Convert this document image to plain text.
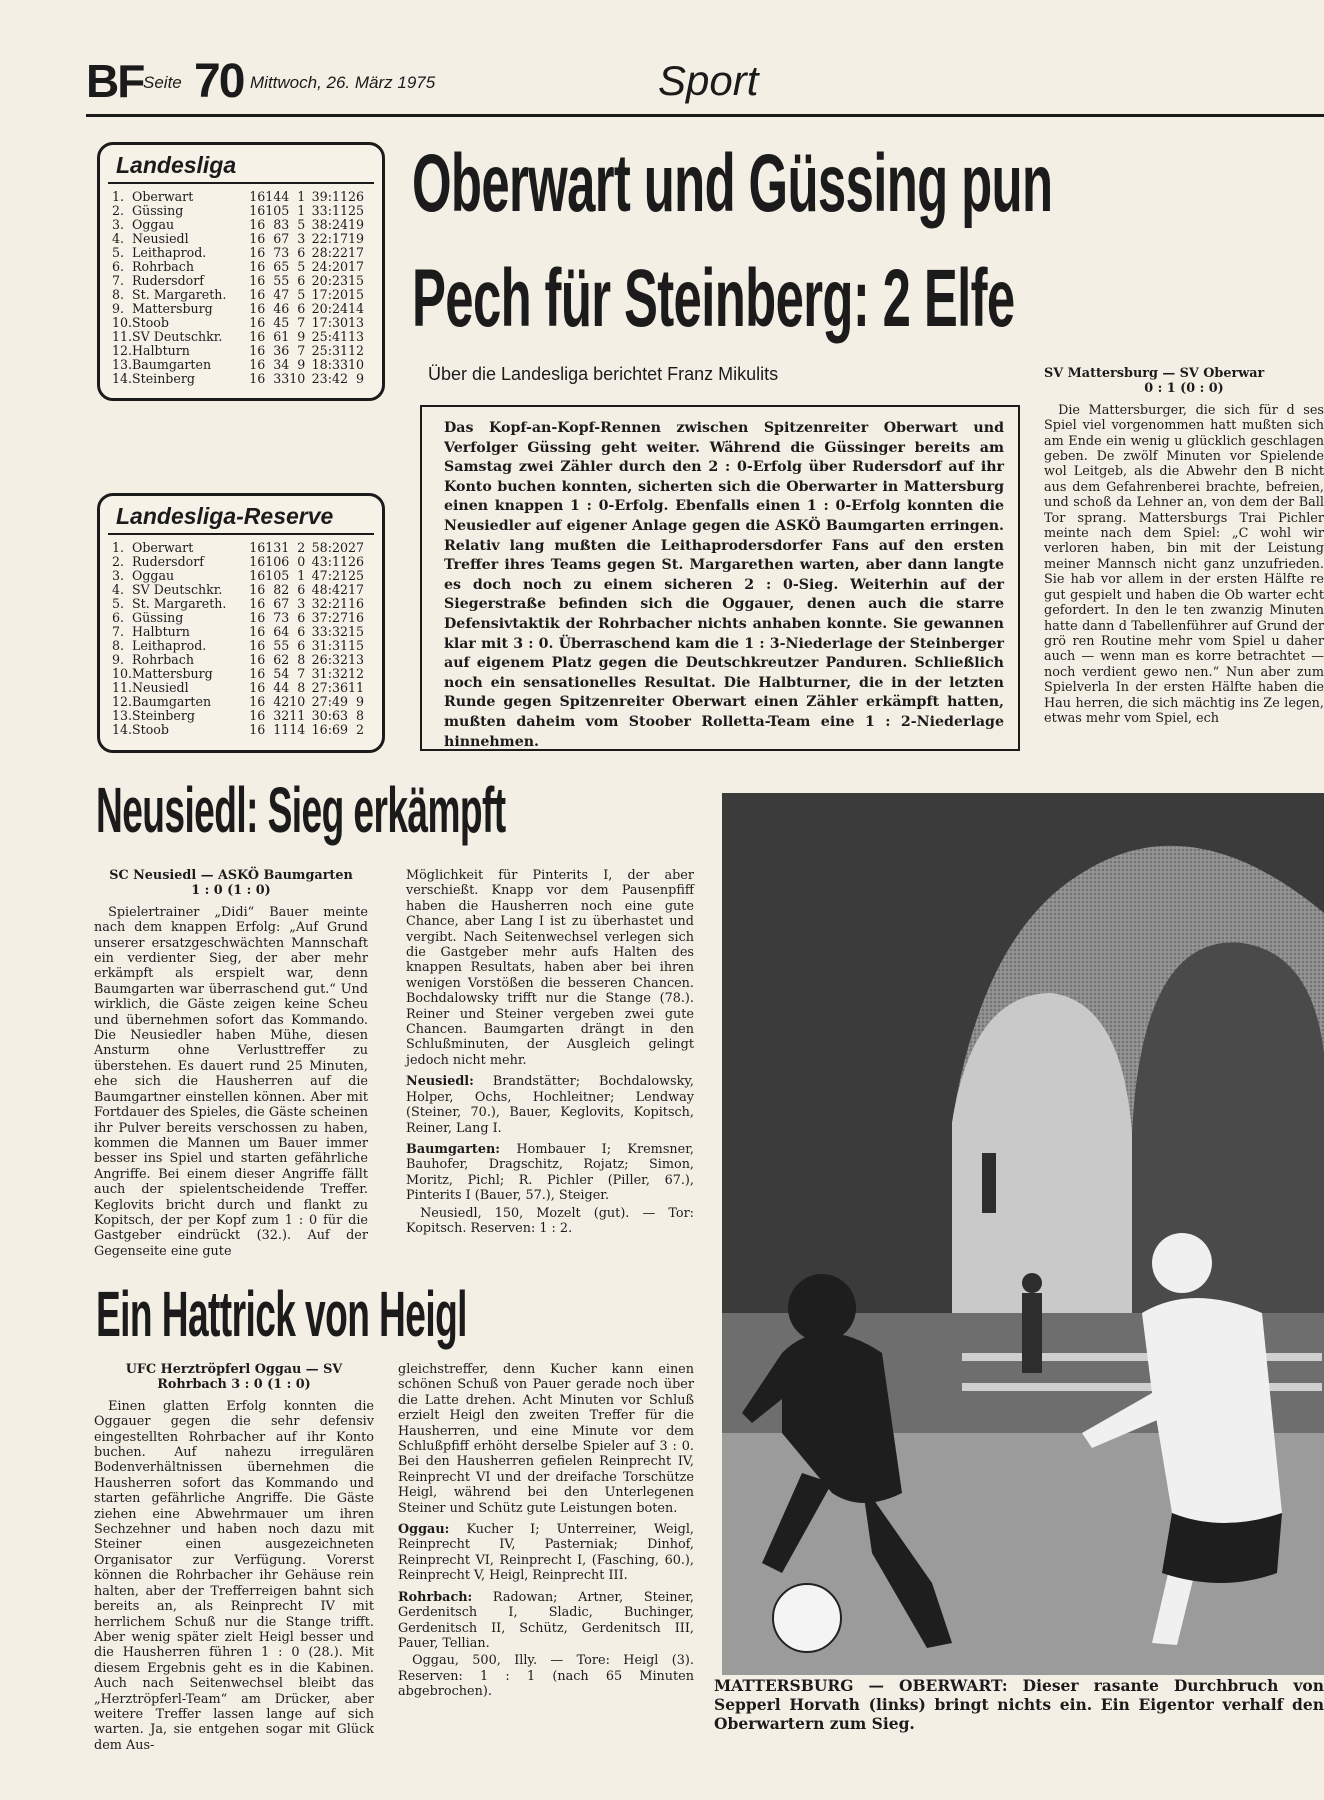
BF Seite 70 Mittwoch, 26. März 1975	Sport
Landesliga
1.	Oberwart	16	14	4	1	39:11	26
2.	Güssing	16	10	5	1	33:11	25
3.	Oggau	16	8	3	5	38:24	19
4.	Neusiedl	16	6	7	3	22:17	19
5.	Leithaprod.	16	7	3	6	28:22	17
6.	Rohrbach	16	6	5	5	24:20	17
7.	Rudersdorf	16	5	5	6	20:23	15
8.	St. Margareth.	16	4	7	5	17:20	15
9.	Mattersburg	16	4	6	6	20:24	14
10.	Stoob	16	4	5	7	17:30	13
11.	SV Deutschkr.	16	6	1	9	25:41	13
12.	Halbturn	16	3	6	7	25:31	12
13.	Baumgarten	16	3	4	9	18:33	10
14.	Steinberg	16	3	3	10	23:42	9
Landesliga-Reserve
1.	Oberwart	16	13	1	2	58:20	27
2.	Rudersdorf	16	10	6	0	43:11	26
3.	Oggau	16	10	5	1	47:21	25
4.	SV Deutschkr.	16	8	2	6	48:42	17
5.	St. Margareth.	16	6	7	3	32:21	16
6.	Güssing	16	7	3	6	37:27	16
7.	Halbturn	16	6	4	6	33:32	15
8.	Leithaprod.	16	5	5	6	31:31	15
9.	Rohrbach	16	6	2	8	26:32	13
10.	Mattersburg	16	5	4	7	31:32	12
11.	Neusiedl	16	4	4	8	27:36	11
12.	Baumgarten	16	4	2	10	27:49	9
13.	Steinberg	16	3	2	11	30:63	8
14.	Stoob	16	1	1	14	16:69	2
Oberwart und Güssing pun
Pech für Steinberg: 2 Elfe
Über die Landesliga berichtet Franz Mikulits

Das Kopf-an-Kopf-Rennen zwischen Spitzenreiter Oberwart und Verfolger Güssing geht weiter. Während die Güssinger bereits am Samstag zwei Zähler durch den 2 : 0-Erfolg über Rudersdorf auf ihr Konto buchen konnten, sicherten sich die Oberwarter in Mattersburg einen knappen 1 : 0-Erfolg. Ebenfalls einen 1 : 0-Erfolg konnten die Neusiedler auf eigener Anlage gegen die ASKÖ Baumgarten erringen. Relativ lang mußten die Leithaprodersdorfer Fans auf den ersten Treffer ihres Teams gegen St. Margarethen warten, aber dann langte es doch noch zu einem sicheren 2 : 0-Sieg. Weiterhin auf der Siegerstraße befinden sich die Oggauer, denen auch die starre Defensivtaktik der Rohrbacher nichts anhaben konnte. Sie gewannen klar mit 3 : 0. Überraschend kam die 1 : 3-Niederlage der Steinberger auf eigenem Platz gegen die Deutschkreutzer Panduren. Schließlich noch ein sensationelles Resultat. Die Halbturner, die in der letzten Runde gegen Spitzenreiter Oberwart einen Zähler erkämpft hatten, mußten daheim vom Stoober Rolletta-Team eine 1 : 2-Niederlage hinnehmen.

SV Mattersburg — SV Oberwar

0 : 1 (0 : 0)

Die Mattersburger, die sich für d ses Spiel viel vorgenommen hatt mußten sich am Ende ein wenig u glücklich geschlagen geben. De zwölf Minuten vor Spielende wol Leitgeb, als die Abwehr den B nicht aus dem Gefahrenberei brachte, befreien, und schoß da Lehner an, von dem der Ball Tor sprang. Mattersburgs Trai Pichler meinte nach dem Spiel: „C wohl wir verloren haben, bin mit der Leistung meiner Mannsch nicht ganz unzufrieden. Sie hab vor allem in der ersten Hälfte re gut gespielt und haben die Ob warter echt gefordert. In den le ten zwanzig Minuten hatte dann d Tabellenführer auf Grund der grö ren Routine mehr vom Spiel u daher auch — wenn man es korre betrachtet — noch verdient gewo nen.“ Nun aber zum Spielverla In der ersten Hälfte haben die Hau herren, die sich mächtig ins Ze legen, etwas mehr vom Spiel, ech

Neusiedl: Sieg erkämpft

SC Neusiedl — ASKÖ Baumgarten

1 : 0 (1 : 0)

Spielertrainer „Didi“ Bauer meinte nach dem knappen Erfolg: „Auf Grund unserer ersatzgeschwächten Mannschaft ein verdienter Sieg, der aber mehr erkämpft als erspielt war, denn Baumgarten war überraschend gut.“ Und wirklich, die Gäste zeigen keine Scheu und übernehmen sofort das Kommando. Die Neusiedler haben Mühe, diesen Ansturm ohne Verlusttreffer zu überstehen. Es dauert rund 25 Minuten, ehe sich die Hausherren auf die Baumgartner einstellen können. Aber mit Fortdauer des Spieles, die Gäste scheinen ihr Pulver bereits verschossen zu haben, kommen die Mannen um Bauer immer besser ins Spiel und starten gefährliche Angriffe. Bei einem dieser Angriffe fällt auch der spielentscheidende Treffer. Keglovits bricht durch und flankt zu Kopitsch, der per Kopf zum 1 : 0 für die Gastgeber eindrückt (32.). Auf der Gegenseite eine gute

Möglichkeit für Pinterits I, der aber verschießt. Knapp vor dem Pausenpfiff haben die Hausherren noch eine gute Chance, aber Lang I ist zu überhastet und vergibt. Nach Seitenwechsel verlegen sich die Gastgeber mehr aufs Halten des knappen Resultats, haben aber bei ihren wenigen Vorstößen die besseren Chancen. Bochdalowsky trifft nur die Stange (78.). Reiner und Steiner vergeben zwei gute Chancen. Baumgarten drängt in den Schlußminuten, der Ausgleich gelingt jedoch nicht mehr.

Neusiedl: Brandstätter; Bochdalowsky, Holper, Ochs, Hochleitner; Lendway (Steiner, 70.), Bauer, Keglovits, Kopitsch, Reiner, Lang I.

Baumgarten: Hombauer I; Kremsner, Bauhofer, Dragschitz, Rojatz; Simon, Moritz, Pichl; R. Pichler (Piller, 67.), Pinterits I (Bauer, 57.), Steiger.

Neusiedl, 150, Mozelt (gut). — Tor: Kopitsch. Reserven: 1 : 2.

Ein Hattrick von Heigl

UFC Herztröpferl Oggau — SV Rohrbach 3 : 0 (1 : 0)

Einen glatten Erfolg konnten die Oggauer gegen die sehr defensiv eingestellten Rohrbacher auf ihr Konto buchen. Auf nahezu irregulären Bodenverhältnissen übernehmen die Hausherren sofort das Kommando und starten gefährliche Angriffe. Die Gäste ziehen eine Abwehrmauer um ihren Sechzehner und haben noch dazu mit Steiner einen ausgezeichneten Organisator zur Verfügung. Vorerst können die Rohrbacher ihr Gehäuse rein halten, aber der Trefferreigen bahnt sich bereits an, als Reinprecht IV mit herrlichem Schuß nur die Stange trifft. Aber wenig später zielt Heigl besser und die Hausherren führen 1 : 0 (28.). Mit diesem Ergebnis geht es in die Kabinen. Auch nach Seitenwechsel bleibt das „Herztröpferl-Team“ am Drücker, aber weitere Treffer lassen lange auf sich warten. Ja, sie entgehen sogar mit Glück dem Aus-

gleichstreffer, denn Kucher kann einen schönen Schuß von Pauer gerade noch über die Latte drehen. Acht Minuten vor Schluß erzielt Heigl den zweiten Treffer für die Hausherren, und eine Minute vor dem Schlußpfiff erhöht derselbe Spieler auf 3 : 0. Bei den Hausherren gefielen Reinprecht IV, Reinprecht VI und der dreifache Torschütze Heigl, während bei den Unterlegenen Steiner und Schütz gute Leistungen boten.

Oggau: Kucher I; Unterreiner, Weigl, Reinprecht IV, Pasterniak; Dinhof, Reinprecht VI, Reinprecht I, (Fasching, 60.), Reinprecht V, Heigl, Reinprecht III.

Rohrbach: Radowan; Artner, Steiner, Gerdenitsch I, Sladic, Buchinger, Gerdenitsch II, Schütz, Gerdenitsch III, Pauer, Tellian.

Oggau, 500, Illy. — Tore: Heigl (3). Reserven: 1 : 1 (nach 65 Minuten abgebrochen).	MATTERSBURG — OBERWART: Dieser rasante Durchbruch von Sepperl Horvath (links) bringt nichts ein. Ein Eigentor verhalf den Oberwartern zum Sieg.
